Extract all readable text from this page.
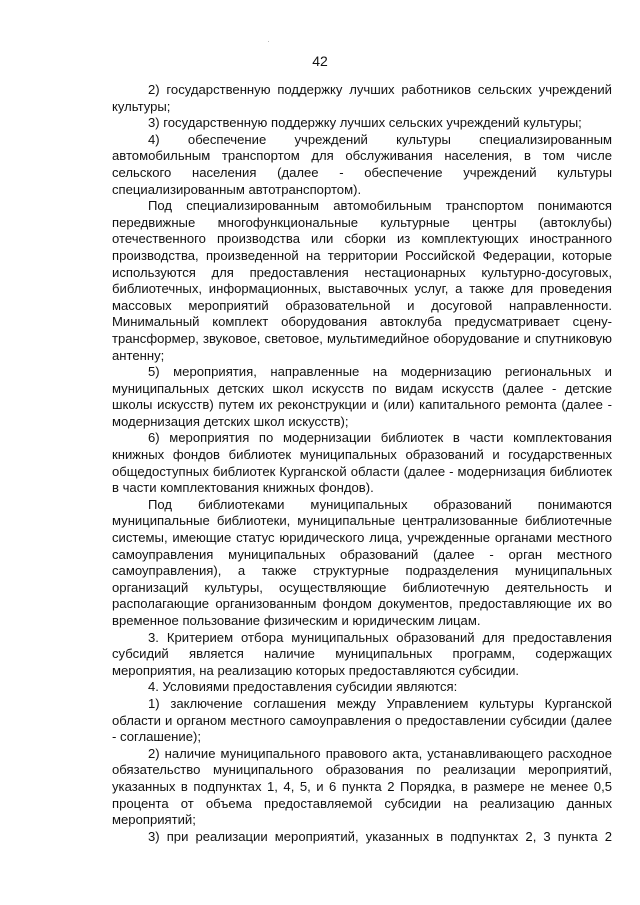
42

2) государственную поддержку лучших работников сельских учреждений культуры;

3) государственную поддержку лучших сельских учреждений культуры;

4) обеспечение учреждений культуры специализированным автомобильным транспортом для обслуживания населения, в том числе сельского населения (далее - обеспечение учреждений культуры специализированным автотранспортом).

Под специализированным автомобильным транспортом понимаются передвижные многофункциональные культурные центры (автоклубы) отечественного производства или сборки из комплектующих иностранного производства, произведенной на территории Российской Федерации, которые используются для предоставления нестационарных культурно-досуговых, библиотечных, информационных, выставочных услуг, а также для проведения массовых мероприятий образовательной и досуговой направленности. Минимальный комплект оборудования автоклуба предусматривает сцену-трансформер, звуковое, световое, мультимедийное оборудование и спутниковую антенну;

5) мероприятия, направленные на модернизацию региональных и муниципальных детских школ искусств по видам искусств (далее - детские школы искусств) путем их реконструкции и (или) капитального ремонта (далее - модернизация детских школ искусств);

6) мероприятия по модернизации библиотек в части комплектования книжных фондов библиотек муниципальных образований и государственных общедоступных библиотек Курганской области (далее - модернизация библиотек в части комплектования книжных фондов).

Под библиотеками муниципальных образований понимаются муниципальные библиотеки, муниципальные централизованные библиотечные системы, имеющие статус юридического лица, учрежденные органами местного самоуправления муниципальных образований (далее - орган местного самоуправления), а также структурные подразделения муниципальных организаций культуры, осуществляющие библиотечную деятельность и располагающие организованным фондом документов, предоставляющие их во временное пользование физическим и юридическим лицам.

3. Критерием отбора муниципальных образований для предоставления субсидий является наличие муниципальных программ, содержащих мероприятия, на реализацию которых предоставляются субсидии.

4. Условиями предоставления субсидии являются:

1) заключение соглашения между Управлением культуры Курганской области и органом местного самоуправления о предоставлении субсидии (далее - соглашение);

2) наличие муниципального правового акта, устанавливающего расходное обязательство муниципального образования по реализации мероприятий, указанных в подпунктах 1, 4, 5, и 6 пункта 2 Порядка, в размере не менее 0,5 процента от объема предоставляемой субсидии на реализацию данных мероприятий;

3) при реализации мероприятий, указанных в подпунктах 2, 3 пункта 2
